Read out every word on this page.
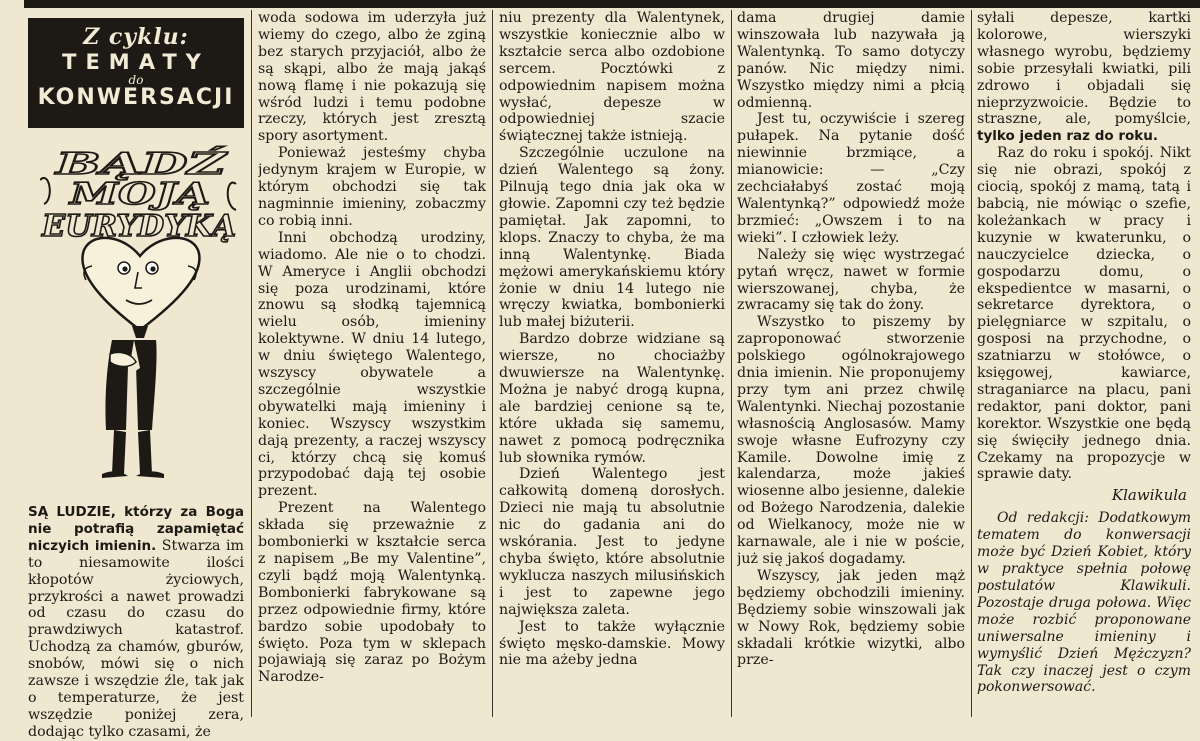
Z cyklu:
TEMATY
do
KONWERSACJI
BĄDŹ
MOJĄ
EURYDYKĄ

SĄ LUDZIE, którzy za Boga nie potrafią zapamiętać niczyich imienin. Stwarza im to niesamowite ilości kłopotów życiowych, przykrości a nawet prowadzi od czasu do czasu do prawdziwych katastrof. Uchodzą za chamów, gburów, snobów, mówi się o nich zawsze i wszędzie źle, tak jak o temperaturze, że jest wszędzie poniżej zera, dodając tylko czasami, że

woda sodowa im uderzyła już wiemy do czego, albo że zginą bez starych przyjaciół, albo że są skąpi, albo że mają jakąś nową flamę i nie pokazują się wśród ludzi i temu podobne rzeczy, których jest zresztą spory asortyment.

Ponieważ jesteśmy chyba jedynym krajem w Europie, w którym obchodzi się tak nagminnie imieniny, zobaczmy co robią inni.

Inni obchodzą urodziny, wiadomo. Ale nie o to chodzi. W Ameryce i Anglii obchodzi się poza urodzinami, które znowu są słodką tajemnicą wielu osób, imieniny kolektywne. W dniu 14 lutego, w dniu świętego Walentego, wszyscy obywatele a szczególnie wszystkie obywatelki mają imieniny i koniec. Wszyscy wszystkim dają prezenty, a raczej wszyscy ci, którzy chcą się komuś przypodobać dają tej osobie prezent.

Prezent na Walentego składa się przeważnie z bombonierki w kształcie serca z napisem „Be my Valentine”, czyli bądź moją Walentynką. Bombonierki fabrykowane są przez odpowiednie firmy, które bardzo sobie upodobały to święto. Poza tym w sklepach pojawiają się zaraz po Bożym Narodze-

niu prezenty dla Walentynek, wszystkie koniecznie albo w kształcie serca albo ozdobione sercem. Pocztówki z odpowiednim napisem można wysłać, depesze w odpowiedniej szacie świątecznej także istnieją.

Szczególnie uczulone na dzień Walentego są żony. Pilnują tego dnia jak oka w głowie. Zapomni czy też będzie pamiętał. Jak zapomni, to klops. Znaczy to chyba, że ma inną Walentynkę. Biada mężowi amerykańskiemu który żonie w dniu 14 lutego nie wręczy kwiatka, bombonierki lub małej biżuterii.

Bardzo dobrze widziane są wiersze, no chociażby dwuwiersze na Walentynkę. Można je nabyć drogą kupna, ale bardziej cenione są te, które układa się samemu, nawet z pomocą podręcznika lub słownika rymów.

Dzień Walentego jest całkowitą domeną dorosłych. Dzieci nie mają tu absolutnie nic do gadania ani do wskórania. Jest to jedyne chyba święto, które absolutnie wyklucza naszych milusińskich i jest to zapewne jego największa zaleta.

Jest to także wyłącznie święto męsko-damskie. Mowy nie ma ażeby jedna

dama drugiej damie winszowała lub nazywała ją Walentynką. To samo dotyczy panów. Nic między nimi. Wszystko między nimi a płcią odmienną.

Jest tu, oczywiście i szereg pułapek. Na pytanie dość niewinnie brzmiące, a mianowicie: — „Czy zechciałabyś zostać moją Walentynką?” odpowiedź może brzmieć: „Owszem i to na wieki”. I człowiek leży.

Należy się więc wystrzegać pytań wręcz, nawet w formie wierszowanej, chyba, że zwracamy się tak do żony.

Wszystko to piszemy by zaproponować stworzenie polskiego ogólnokrajowego dnia imienin. Nie proponujemy przy tym ani przez chwilę Walentynki. Niechaj pozostanie własnością Anglosasów. Mamy swoje własne Eufrozyny czy Kamile. Dowolne imię z kalendarza, może jakieś wiosenne albo jesienne, dalekie od Bożego Narodzenia, dalekie od Wielkanocy, może nie w karnawale, ale i nie w poście, już się jakoś dogadamy.

Wszyscy, jak jeden mąż będziemy obchodzili imieniny. Będziemy sobie winszowali jak w Nowy Rok, będziemy sobie składali krótkie wizytki, albo prze-

syłali depesze, kartki kolorowe, wierszyki własnego wyrobu, będziemy sobie przesyłali kwiatki, pili zdrowo i objadali się nieprzyzwoicie. Będzie to straszne, ale, pomyślcie, tylko jeden raz do roku.

Raz do roku i spokój. Nikt się nie obrazi, spokój z ciocią, spokój z mamą, tatą i babcią, nie mówiąc o szefie, koleżankach w pracy i kuzynie w kwaterunku, o nauczycielce dziecka, o gospodarzu domu, o ekspedientce w masarni, o sekretarce dyrektora, o pielęgniarce w szpitalu, o gosposi na przychodne, o szatniarzu w stołówce, o księgowej, kawiarce, straganiarce na placu, pani redaktor, pani doktor, pani korektor. Wszystkie one będą się święciły jednego dnia. Czekamy na propozycje w sprawie daty.

Klawikula

Od redakcji: Dodatkowym tematem do konwersacji może być Dzień Kobiet, który w praktyce spełnia połowę postulatów Klawikuli. Pozostaje druga połowa. Więc może rozbić proponowane uniwersalne imieniny i wymyślić Dzień Mężczyzn? Tak czy inaczej jest o czym pokonwersować.
